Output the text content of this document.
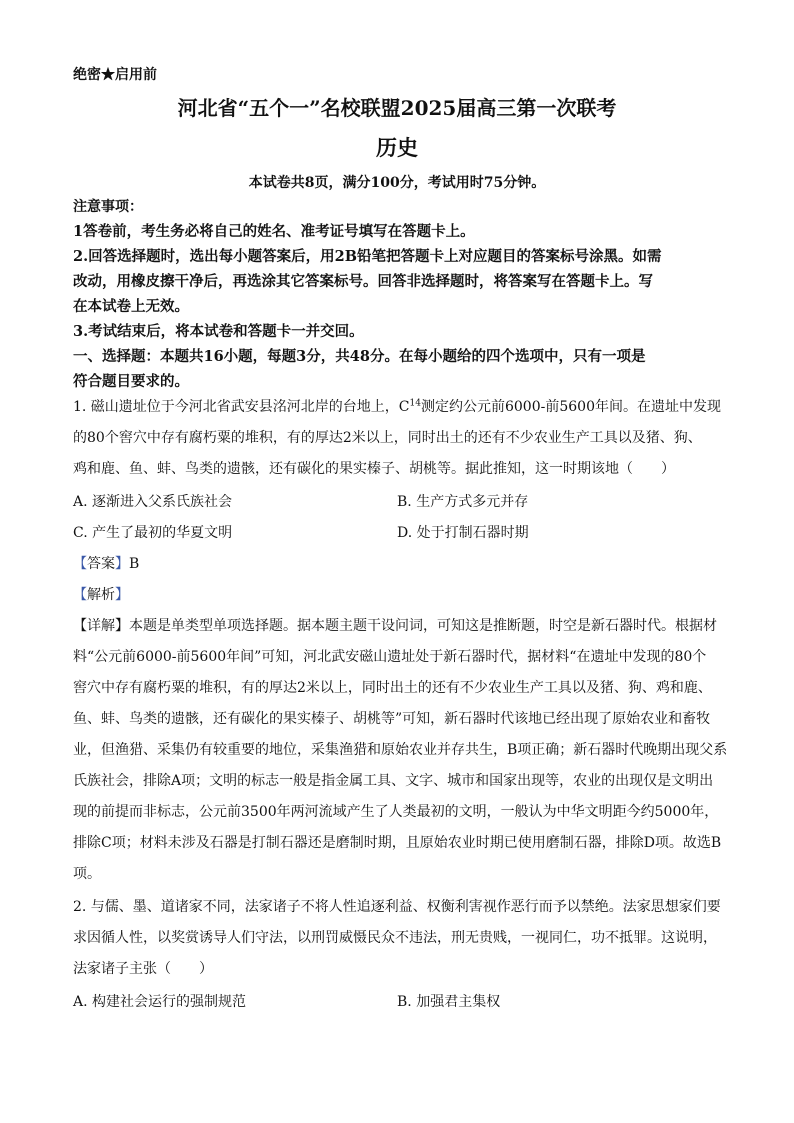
绝密★启用前
河北省“五个一”名校联盟2025届高三第一次联考
历史
本试卷共8页，满分100分，考试用时75分钟。
注意事项：
1答卷前，考生务必将自己的姓名、准考证号填写在答题卡上。
2.回答选择题时，选出每小题答案后，用2B铅笔把答题卡上对应题目的答案标号涂黑。如需
改动，用橡皮擦干净后，再选涂其它答案标号。回答非选择题时，将答案写在答题卡上。写
在本试卷上无效。
3.考试结束后，将本试卷和答题卡一并交回。
一、选择题：本题共16小题，每题3分，共48分。在每小题给的四个选项中，只有一项是
符合题目要求的。
1. 磁山遗址位于今河北省武安县洺河北岸的台地上，$C^{14}$测定约公元前6000-前5600年间。在遗址中发现
的80个窖穴中存有腐朽粟的堆积，有的厚达2米以上，同时出土的还有不少农业生产工具以及猪、狗、
鸡和鹿、鱼、蚌、鸟类的遗骸，还有碳化的果实榛子、胡桃等。据此推知，这一时期该地（　　）
A. 逐渐进入父系氏族社会	B. 生产方式多元并存
C. 产生了最初的华夏文明	D. 处于打制石器时期
【答案】B
【解析】
【详解】本题是单类型单项选择题。据本题主题干设问词，可知这是推断题，时空是新石器时代。根据材
料“公元前6000-前5600年间”可知，河北武安磁山遗址处于新石器时代，据材料“在遗址中发现的80个
窖穴中存有腐朽粟的堆积，有的厚达2米以上，同时出土的还有不少农业生产工具以及猪、狗、鸡和鹿、
鱼、蚌、鸟类的遗骸，还有碳化的果实榛子、胡桃等”可知，新石器时代该地已经出现了原始农业和畜牧
业，但渔猎、采集仍有较重要的地位，采集渔猎和原始农业并存共生，B项正确；新石器时代晚期出现父系
氏族社会，排除A项；文明的标志一般是指金属工具、文字、城市和国家出现等，农业的出现仅是文明出
现的前提而非标志，公元前3500年两河流域产生了人类最初的文明，一般认为中华文明距今约5000年，
排除C项；材料未涉及石器是打制石器还是磨制时期，且原始农业时期已使用磨制石器，排除D项。故选B
项。
2. 与儒、墨、道诸家不同，法家诸子不将人性追逐利益、权衡利害视作恶行而予以禁绝。法家思想家们要
求因循人性，以奖赏诱导人们守法，以刑罚威慑民众不违法，刑无贵贱，一视同仁，功不抵罪。这说明，
法家诸子主张（　　）
A. 构建社会运行的强制规范	B. 加强君主集权
